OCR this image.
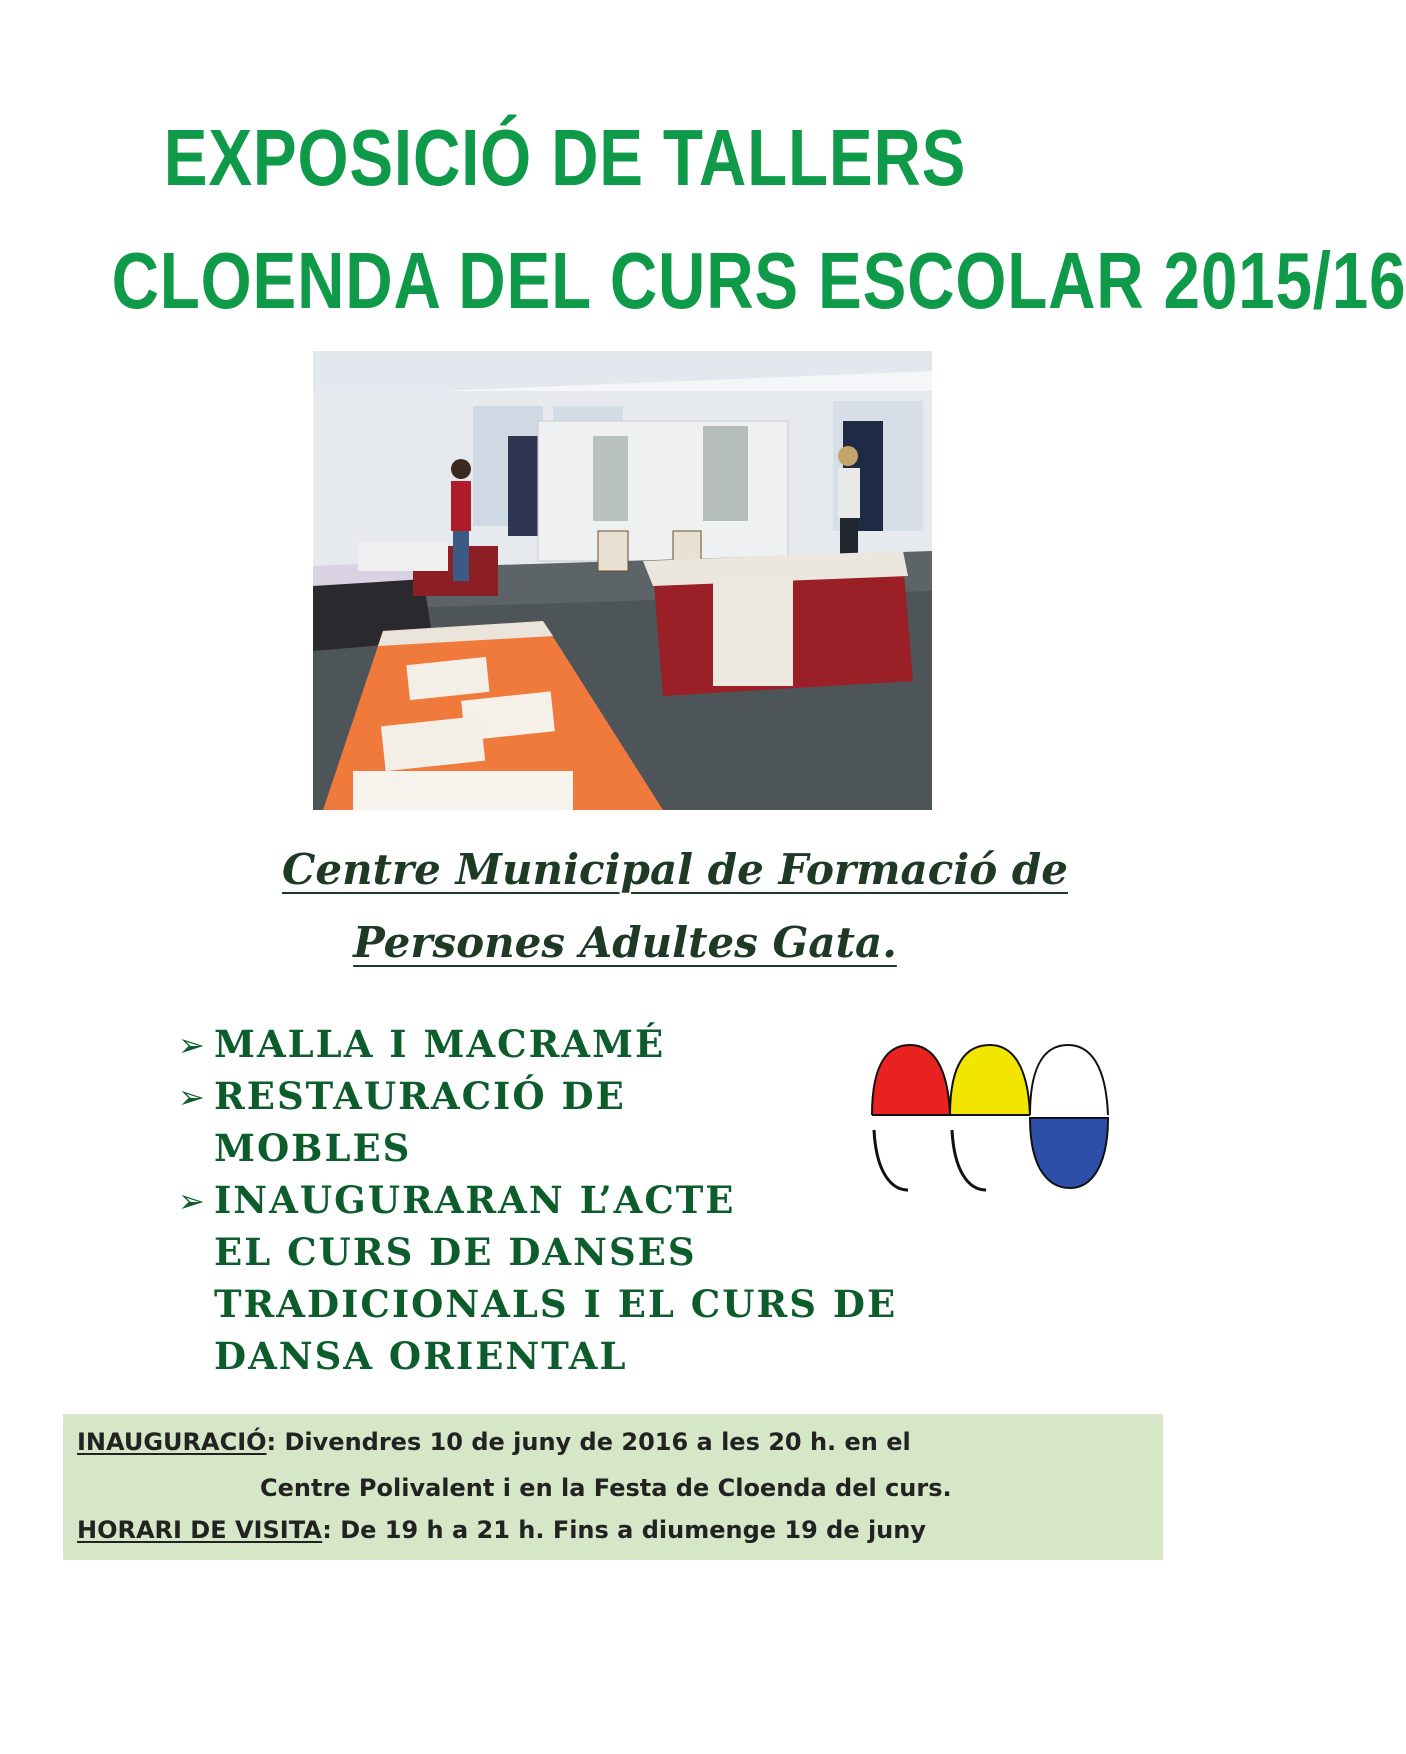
EXPOSICIÓ DE TALLERS
CLOENDA DEL CURS ESCOLAR 2015/16
Centre Municipal de Formació de
Persones Adultes Gata.
➢ MALLA I MACRAMÉ
➢ RESTAURACIÓ DE
MOBLES
➢ INAUGURARAN L’ACTE
EL CURS DE DANSES
TRADICIONALS I EL CURS DE
DANSA ORIENTAL
INAUGURACIÓ: Divendres 10 de juny de 2016 a les 20 h. en el
Centre Polivalent i en la Festa de Cloenda del curs.
HORARI DE VISITA: De 19 h a 21 h. Fins a diumenge 19 de juny
